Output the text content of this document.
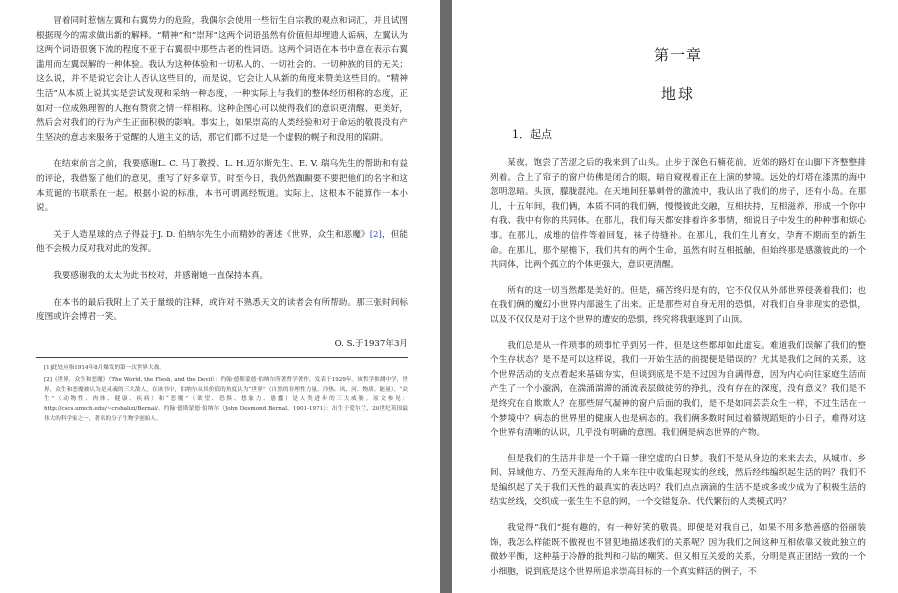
冒着同时惹恼左翼和右翼势力的危险，我偶尔会使用一些衍生自宗教的观点和词汇，并且试图根据现今的需求做出新的解释。“精神”和“崇拜”这两个词语虽然有价值但却埋遗人诟病，左翼认为这两个词语很褒下流的程度不亚于右翼很中那些古老的性词语。这两个词语在本书中意在表示右翼滥用而左翼误解的一种体验。我认为这种体验和一切私人的、一切社会的、一切种族的目的无关；这么说，并不是说它会让人否认这些目的，而是说，它会让人从新的角度来赞美这些目的。“精神生活”从本质上说其实是尝试发现和采纳一种态度，一种实际上与我们的整体经历相称的态度，正如对一位成熟理智的人抱有赞赏之情一样相称。这种企图心可以使得我们的意识更清醒、更美好，然后会对我们的行为产生正面积极的影响。事实上，如果崇高的人类经验和对于命运的敬畏没有产生坚决的意志来服务于觉醒的人道主义的话，那它们都不过是一个虚假的幌子和没用的陷阱。

在结束前言之前，我要感谢L. C. 马丁教授、L. H.迈尔斯先生、E. V. 瑞乌先生的帮助和有益的评论，我借鉴了他们的意见，重写了好多章节，时至今日，我仍然踟蹰要不要把他们的名字和这本荒诞的书联系在一起。根据小说的标准，本书可谓离经叛道。实际上，这根本不能算作一本小说。

关于人造星球的点子得益于J. D. 伯纳尔先生小而精妙的著述《世界，众生和恶魔》[2]，但能他不会极力反对我对此的发挥。

我要感谢我的太太为此书校对，并感谢她一直保持本真。

在本书的最后我附上了关于量级的注释，或许对不熟悉天文的读者会有所帮助。那三张时间标度图或许会博君一笑。

O. S.于1937年3月

[1]此处应指1914年8月爆发的第一次世界大战。

[2]《世界，众生和恶魔》（The World, the Flesh, and the Devil）：约翰·德斯蒙德·伯纳尔所著哲学著作，发表于1929年。该哲学推测中学，世界，众生和恶魔被认为是灵魂的三大敌人，在该书中，伯纳尔从其价值的角度认为“世界”（自然的非理性力量、冷热、风、河、物质、能量）、“众生”（动物性、肉体、健康、疾病）和“恶魔”（欲望、恐惧、想象力、愚蠢）是人类进步的三大威胁。原文参见：http://cscs.umich.edu/~crshalizi/Bernal/。约翰·德斯蒙德·伯纳尔（John Desmond Bernal，1901-1971）：出生于爱尔兰，20世纪英国最伟大的科学家之一，著名的分子生物学创始人。

第一章
地球
1．起点

某夜，饱尝了苦涩之后的我来到了山头。止步于深色石楠花前，近郊的路灯在山脚下齐整整排列着。合上了帘子的窗户仿佛是闭合的眼，暗自窥视着正在上演的梦境。远处的灯塔在漆黑的海中忽明忽暗。头顶，朦胧混沌。在天地间狂暴刺骨的激流中，我认出了我们的房子，还有小岛。在那儿，十五年间，我们俩，本质不同的我们俩，慢慢彼此交融，互相扶持，互相滋养，形成一个你中有我、我中有你的共同体。在那儿，我们每天都安排着许多事情，细说日子中发生的种种事和烦心事。在那儿，成堆的信件等着回复，袜子待缝补。在那儿，我们生儿育女，孕育不期而至的新生命。在那儿，那个屋檐下，我们共有的两个生命，虽然有时互相抵触，但始终那是感激彼此的一个共同体，比两个孤立的个体更强大，意识更清醒。

所有的这一切当然都是美好的。但是，痛苦终归是有的，它不仅仅从外部世界侵袭着我们；也在我们俩的魔幻小世界内部滋生了出来。正是那些对自身无用的恐惧，对我们自身非现实的恐惧，以及不仅仅是对于这个世界的遭安的恐惧，终究将我驱逐到了山顶。

我们总是从一件琐事的琐事忙乎到另一件，但是这些都却如此虚妄。难道我们误解了我们的整个生存状态？是不是可以这样说，我们一开始生活的前提便是错误的？尤其是我们之间的关系，这个世界活动的支点看起来基础夯实，但谈到底是不是不过因为自满得意，因为内心向往家庭生活而产生了一个小漩涡，在湍涌湍滞的涌流表层做徒劳的挣扎，没有存在的深度，没有意义？我们是不是终究在自欺欺人？在那些屏气凝神的窗户后面的我们，是不是如同芸芸众生一样，不过生活在一个梦境中？病态的世界里的健康人也是病态的。我们俩多数时间过着循规蹈矩的小日子，难得对这个世界有清晰的认识，几乎没有明确的意图。我们俩是病态世界的产物。

但是我们的生活并非是一个千篇一律空虚的白日梦。我们不是从身边的来来去去，从城市、乡间、异域他方、乃至天涯海角的人来车往中收集起现实的丝线，然后经纬编织起生活的吗？我们不是编织起了关于我们天性的最真实的表达吗？我们点点滴滴的生活不是或多或少成为了积极生活的结实丝线，交织成一张生生不息的网，一个交错复杂、代代繁衍的人类模式吗？

我觉得“我们”挺有趣的，有一种好笑的敬畏。即便是对我自己，如果不用多愁善感的俗丽装饰，我怎么样能既不傲视也不冒犯地描述我们的关系呢？因为我们之间这种互相依靠又彼此独立的微妙平衡，这种基于冷静的批判和刁钻的嘲笑、但又相互关爱的关系，分明是真正团结一致的一个小细胞，说到底是这个世界所追求崇高目标的一个真实鲜活的例子，不
